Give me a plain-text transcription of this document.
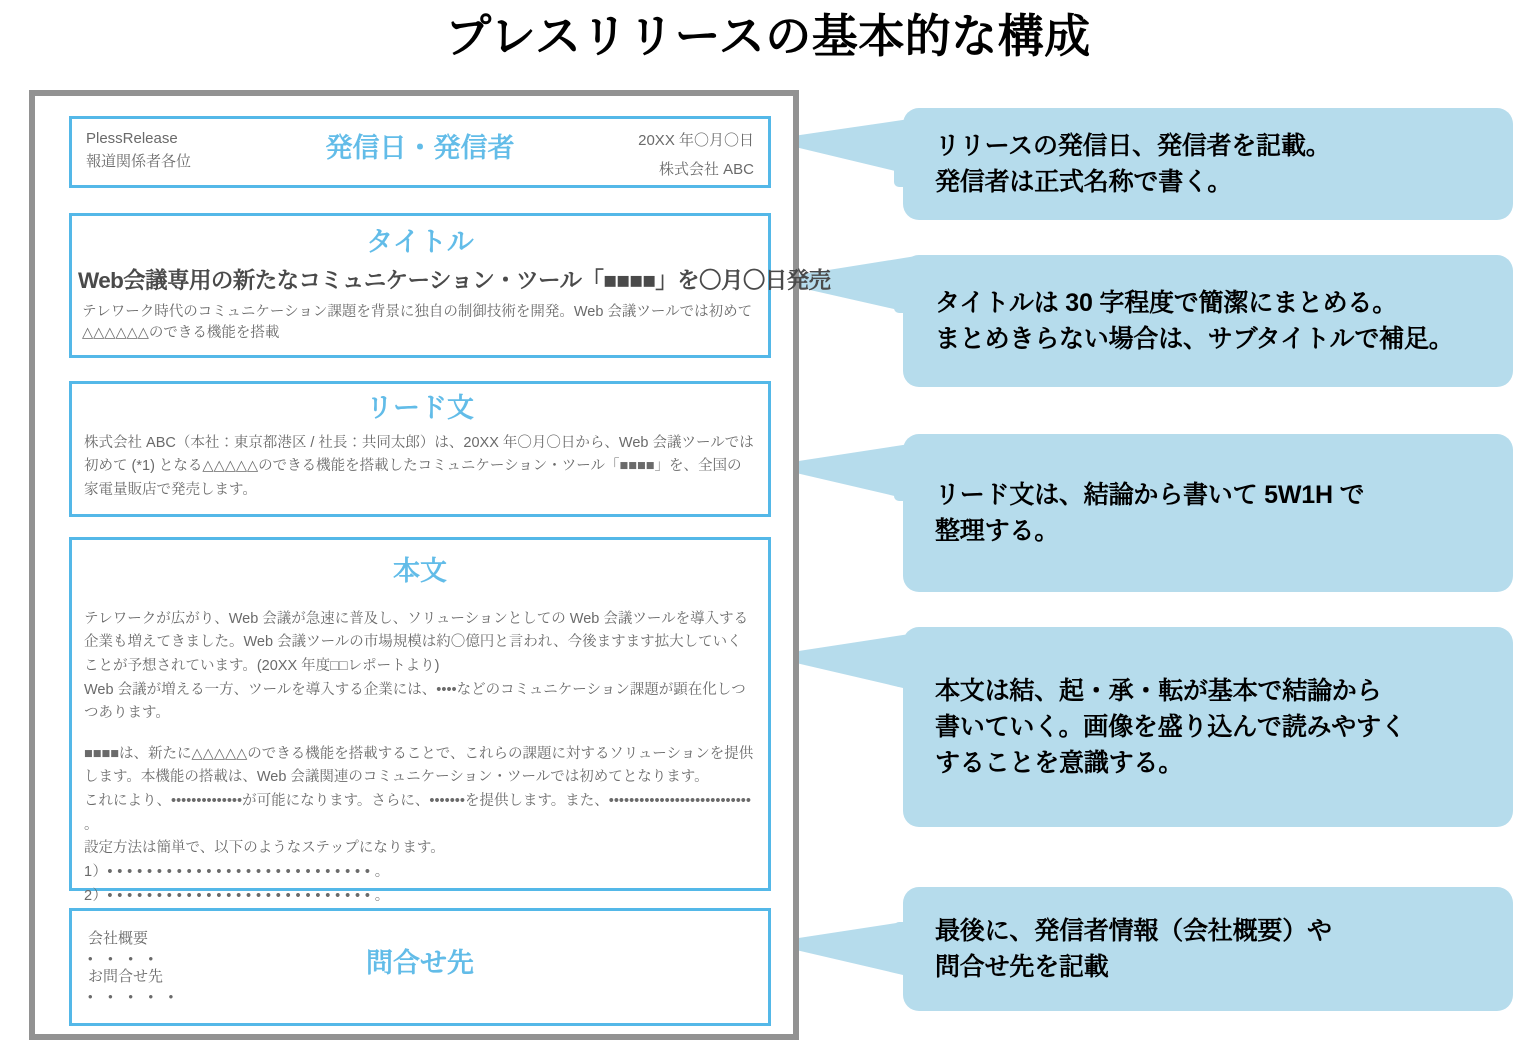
プレスリリースの基本的な構成
PlessRelease
報道関係者各位	発信日・発信者	20XX 年〇月〇日
株式会社 ABC
タイトル
Web会議専用の新たなコミュニケーション・ツール「■■■■」を〇月〇日発売
テレワーク時代のコミュニケーション課題を背景に独自の制御技術を開発。Web 会議ツールでは初めて△△△△△△のできる機能を搭載
リード文
株式会社 ABC（本社：東京都港区 / 社長：共同太郎）は、20XX 年〇月〇日から、Web 会議ツールでは初めて (*1) となる△△△△△のできる機能を搭載したコミュニケーション・ツール「■■■■」を、全国の家電量販店で発売します。
本文

テレワークが広がり、Web 会議が急速に普及し、ソリューションとしての Web 会議ツールを導入する企業も増えてきました。Web 会議ツールの市場規模は約〇億円と言われ、今後ますます拡大していくことが予想されています。(20XX 年度□□レポートより)

Web 会議が増える一方、ツールを導入する企業には、••••などのコミュニケーション課題が顕在化しつつあります。

■■■■は、新たに△△△△△のできる機能を搭載することで、これらの課題に対するソリューションを提供します。本機能の搭載は、Web 会議関連のコミュニケーション・ツールでは初めてとなります。

これにより、••••••••••••••が可能になります。さらに、•••••••を提供します。また、•••••••••••••••••••••••••••• 。

設定方法は簡単で、以下のようなステップになります。

1）• • • • • • • • • • • • • • • • • • • • • • • • • • • 。

2）• • • • • • • • • • • • • • • • • • • • • • • • • • • 。

会社概要
• • • •
お問合せ先
• • • • •
問合せ先
リリースの発信日、発信者を記載。
発信者は正式名称で書く。
タイトルは 30 字程度で簡潔にまとめる。
まとめきらない場合は、サブタイトルで補足。
リード文は、結論から書いて 5W1H で
整理する。
本文は結、起・承・転が基本で結論から
書いていく。画像を盛り込んで読みやすく
することを意識する。
最後に、発信者情報（会社概要）や
問合せ先を記載
